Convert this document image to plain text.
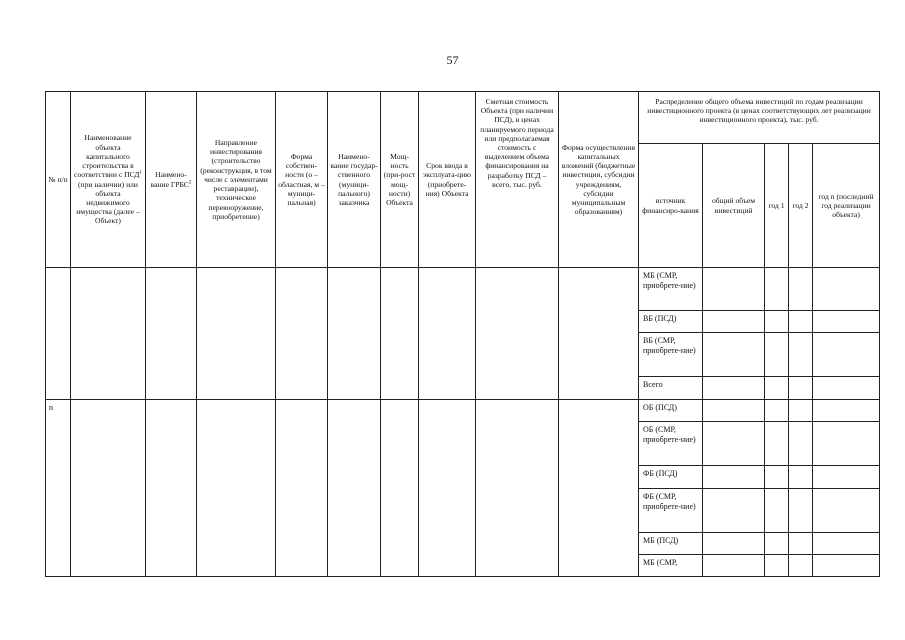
57
№ п/п	Наименование объекта капитального строительства в соответствии с ПСД$^1$ (при наличии) или объекта недвижимого имущества (далее – Объект)	Наимено-вание ГРБС$^2$	Направление инвестирования (строительство (реконструкция, в том числе с элементами реставрации), техническое перевооружение, приобретение)	Форма собствен-ности (о – областная, м – муници-пальная)	Наимено-вание государ-ственного (муници-пального) заказчика	Мощ-ность (при-рост мощ-ности) Объекта	Срок ввода в эксплуата-цию (приобрете-ния) Объекта	Сметная стоимость Объекта (при наличии ПСД), в ценах планируемого периода или предполагаемая стоимость с выделением объема финансирования на разработку ПСД – всего, тыс. руб.	Форма осуществления капитальных вложений (бюджетные инвестиции, субсидии учреждениям, субсидии муниципальным образованиям)	Распределение общего объема инвестиций по годам реализации инвестиционного проекта (в ценах соответствующих лет реализации инвестиционного проекта), тыс. руб.				
										источник финансиро-вания	общий объем инвестиций	год 1	год 2	год n (последний год реализации объекта)
										МБ (СМР, приобрете-ние)				
										ВБ (ПСД)				
										ВБ (СМР, приобрете-ние)				
										Всего				
n										ОБ (ПСД)				
										ОБ (СМР, приобрете-ние)				
										ФБ (ПСД)				
										ФБ (СМР, приобрете-ние)				
										МБ (ПСД)				
										МБ (СМР,				
